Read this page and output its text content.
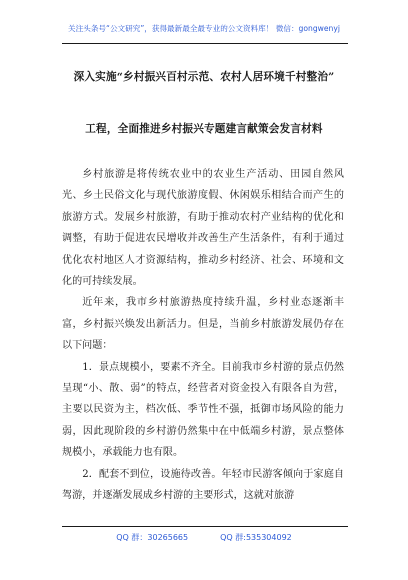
关注头条号“公文研究”，获得最新最全最专业的公文资料库！ 微信：gongwenyj
深入实施“乡村振兴百村示范、农村人居环境千村整治”
工程，全面推进乡村振兴专题建言献策会发言材料

乡村旅游是将传统农业中的农业生产活动、田园自然风光、乡土民俗文化与现代旅游度假、休闲娱乐相结合而产生的旅游方式。发展乡村旅游，有助于推动农村产业结构的优化和调整，有助于促进农民增收并改善生产生活条件，有利于通过优化农村地区人才资源结构，推动乡村经济、社会、环境和文化的可持续发展。

近年来，我市乡村旅游热度持续升温，乡村业态逐渐丰富，乡村振兴焕发出新活力。但是，当前乡村旅游发展仍存在以下问题：

1．景点规模小，要素不齐全。目前我市乡村游的景点仍然呈现“小、散、弱”的特点，经营者对资金投入有限各自为营，主要以民资为主，档次低、季节性不强，抵御市场风险的能力弱，因此现阶段的乡村游仍然集中在中低端乡村游，景点整体规模小，承载能力也有限。

2．配套不到位，设施待改善。年轻市民游客倾向于家庭自驾游，并逐渐发展成乡村游的主要形式，这就对旅游

QQ 群：30265665	QQ 群:535304092
